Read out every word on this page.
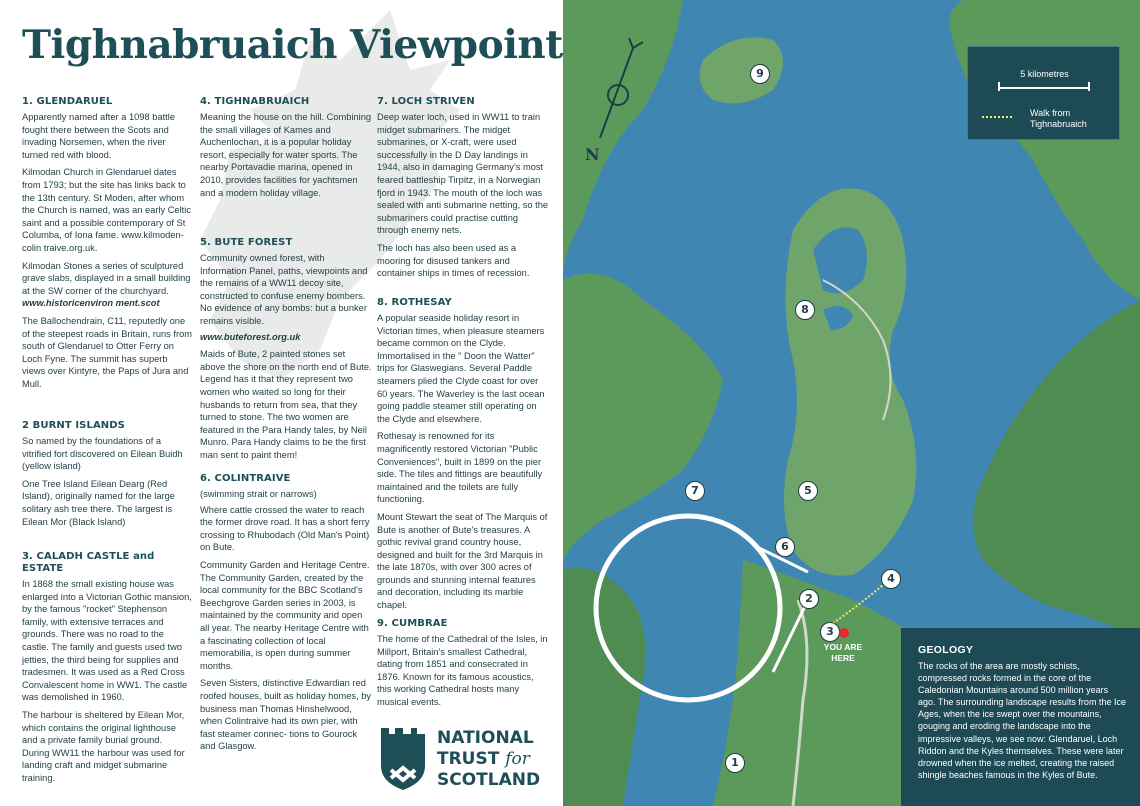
Tighnabruaich Viewpoint
1. GLENDARUEL

Apparently named after a 1098 battle fought there between the Scots and invading Norsemen, when the river turned red with blood.

Kilmodan Church in Glendaruel dates from 1793; but the site has links back to the 13th century. St Moden, after whom the Church is named, was an early Celtic saint and a possible contemporary of St Columba, of Iona fame. www.kilmoden-colin traive.org.uk.

Kilmodan Stones a series of sculptured grave slabs, displayed in a small building at the SW corner of the churchyard. www.historicenviron ment.scot

The Ballochendrain, C11, reputedly one of the steepest roads in Britain, runs from south of Glendaruel to Otter Ferry on Loch Fyne. The summit has superb views over Kintyre, the Paps of Jura and Mull.

2 BURNT ISLANDS

So named by the foundations of a vitrified fort discovered on Eilean Buidh (yellow island)

One Tree Island Eilean Dearg (Red Island), originally named for the large solitary ash tree there. The largest is Eilean Mor (Black Island)

3. CALADH CASTLE and ESTATE

In 1868 the small existing house was enlarged into a Victorian Gothic mansion, by the famous "rocket" Stephenson family, with extensive terraces and grounds. There was no road to the castle. The family and guests used two jetties, the third being for supplies and tradesmen. It was used as a Red Cross Convalescent home in WW1. The castle was demolished in 1960.

The harbour is sheltered by Eilean Mor, which contains the original lighthouse and a private family burial ground. During WW11 the harbour was used for landing craft and midget submarine training.

4. TIGHNABRUAICH

Meaning the house on the hill. Combining the small villages of Kames and Auchenlochan, it is a popular holiday resort, especially for water sports. The nearby Portavadie marina, opened in 2010, provides facilities for yachtsmen and a modern holiday village.

5. BUTE FOREST

Community owned forest, with Information Panel, paths, viewpoints and the remains of a WW11 decoy site, constructed to confuse enemy bombers. No evidence of any bombs: but a bunker remains visible.

www.buteforest.org.uk

Maids of Bute, 2 painted stones set above the shore on the north end of Bute. Legend has it that they represent two women who waited so long for their husbands to return from sea, that they turned to stone. The two women are featured in the Para Handy tales, by Neil Munro. Para Handy claims to be the first man sent to paint them!

6. COLINTRAIVE

(swimming strait or narrows)

Where cattle crossed the water to reach the former drove road. It has a short ferry crossing to Rhubodach (Old Man's Point) on Bute.

Community Garden and Heritage Centre. The Community Garden, created by the local community for the BBC Scotland's Beechgrove Garden series in 2003, is maintained by the community and open all year. The nearby Heritage Centre with a fascinating collection of local memorabilia, is open during summer months.

Seven Sisters, distinctive Edwardian red roofed houses, built as holiday homes, by business man Thomas Hinshelwood, when Colintraive had its own pier, with fast steamer connec- tions to Gourock and Glasgow.

7. LOCH STRIVEN

Deep water loch, used in WW11 to train midget submariners. The midget submarines, or X-craft, were used successfully in the D Day landings in 1944, also in damaging Germany's most feared battleship Tirpitz, in a Norwegian fjord in 1943. The mouth of the loch was sealed with anti submarine netting, so the submariners could practise cutting through enemy nets.

The loch has also been used as a mooring for disused tankers and container ships in times of recession.

8. ROTHESAY

A popular seaside holiday resort in Victorian times, when pleasure steamers became common on the Clyde. Immortalised in the " Doon the Watter" trips for Glaswegians. Several Paddle steamers plied the Clyde coast for over 60 years. The Waverley is the last ocean going paddle steamer still operating on the Clyde and elsewhere.

Rothesay is renowned for its magnificently restored Victorian "Public Conveniences", built in 1899 on the pier side. The tiles and fittings are beautifully maintained and the toilets are fully functioning.

Mount Stewart the seat of The Marquis of Bute is another of Bute's treasures. A gothic revival grand country house, designed and built for the 3rd Marquis in the late 1870s, with over 300 acres of grounds and stunning internal features and decoration, including its marble chapel.

9. CUMBRAE

The home of the Cathedral of the Isles, in Millport, Britain's smallest Cathedral, dating from 1851 and consecrated in 1876. Known for its famous acoustics, this working Cathedral hosts many musical events.

NATIONAL
TRUST for
SCOTLAND
N
5 kilometres
Walk from Tighnabruaich
9
8
7	5
6
4
2
3
1
YOU ARE HERE
GEOLOGY

The rocks of the area are mostly schists, compressed rocks formed in the core of the Caledonian Mountains around 500 million years ago. The surrounding landscape results from the Ice Ages, when the ice swept over the mountains, gouging and eroding the landscape into the impressive valleys, we see now: Glendaruel, Loch Riddon and the Kyles themselves. These were later drowned when the ice melted, creating the raised shingle beaches famous in the Kyles of Bute.
